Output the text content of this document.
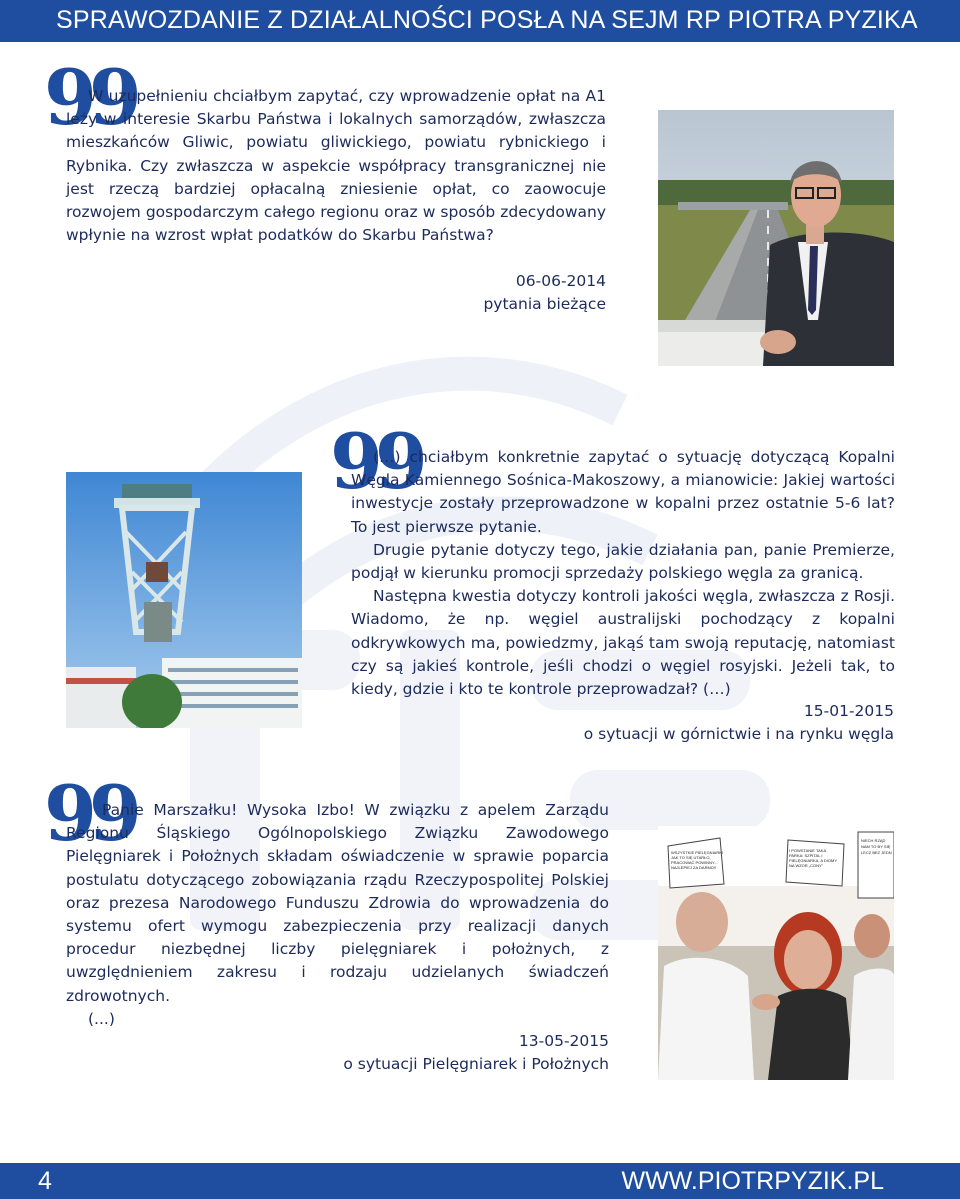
SPRAWOZDANIE Z DZIAŁALNOŚCI POSŁA NA SEJM RP PIOTRA PYZIKA
99
W uzupełnieniu chciałbym zapytać, czy wprowadzenie opłat na A1 leży w interesie Skarbu Państwa i lokalnych samorządów, zwłaszcza mieszkańców Gliwic, powiatu gliwickiego, powiatu rybnickiego i Rybnika. Czy zwłaszcza w aspekcie współpracy transgranicznej nie jest rzeczą bardziej opłacalną zniesienie opłat, co zaowocuje rozwojem gospodarczym całego regionu oraz w sposób zdecydowany wpłynie na wzrost wpłat podatków do Skarbu Państwa?
06-06-2014
pytania bieżące
99

(…) chciałbym konkretnie zapytać o sytuację dotyczącą Kopalni Węgla Kamiennego Sośnica-Makoszowy, a mianowicie: Jakiej wartości inwestycje zostały przeprowadzone w kopalni przez ostatnie 5-6 lat? To jest pierwsze pytanie.

Drugie pytanie dotyczy tego, jakie działania pan, panie Premierze, podjął w kierunku promocji sprzedaży polskiego węgla za granicą.

Następna kwestia dotyczy kontroli jakości węgla, zwłaszcza z Rosji. Wiadomo, że np. węgiel australijski pochodzący z kopalni odkrywkowych ma, powiedzmy, jakąś tam swoją reputację, natomiast czy są jakieś kontrole, jeśli chodzi o węgiel rosyjski. Jeżeli tak, to kiedy, gdzie i kto te kontrole przeprowadzał? (…)

15-01-2015
o sytuacji w górnictwie i na rynku węgla
99

Panie Marszałku! Wysoka Izbo! W związku z apelem Zarządu Regionu Śląskiego Ogólnopolskiego Związku Zawodowego Pielęgniarek i Położnych składam oświadczenie w sprawie poparcia postulatu dotyczącego zobowiązania rządu Rzeczypospolitej Polskiej oraz prezesa Narodowego Funduszu Zdrowia do wprowadzenia do systemu ofert wymogu zabezpieczenia przy realizacji danych procedur niezbędnej liczby pielęgniarek i położnych, z uwzględnieniem zakresu i rodzaju udzielanych świadczeń zdrowotnych.

(...)

13-05-2015
o sytuacji Pielęgniarek i Położnych
WSZYSTKIE PIELĘGNIARKI JAK TO SIĘ UTARŁO, PRACOWAĆ POWINNY... NAJLEPIEJ ZA DARMO!!
I POWSTANIE TAKA PARKA: SZPITAL I PIELĘGNIARKA, A DIOMY NA WZOR „CONY"
NIECH RZĄD NAM TO BY SIĘ LECZ BEZ JEDN
4	WWW.PIOTRPYZIK.PL
